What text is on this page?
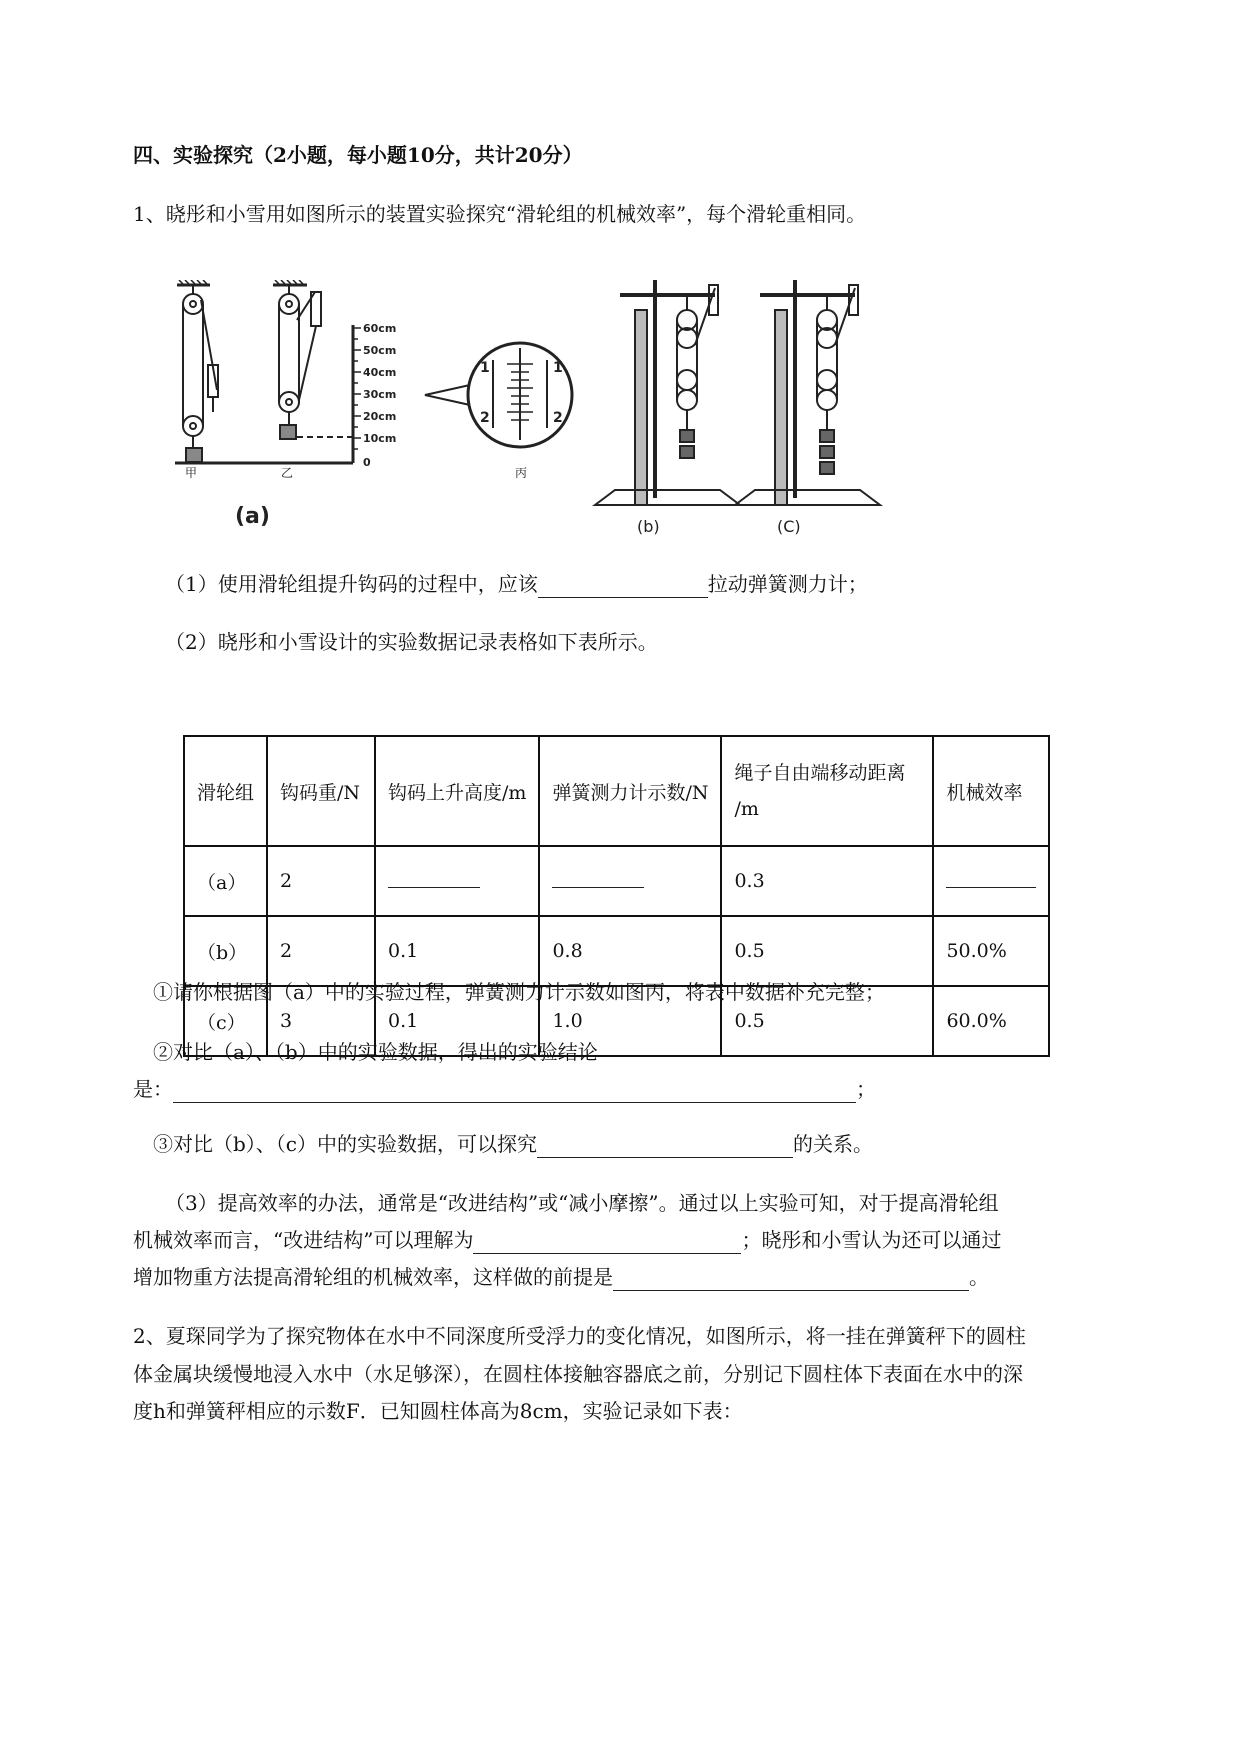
四、实验探究（2小题，每小题10分，共计20分）
1、晓彤和小雪用如图所示的装置实验探究“滑轮组的机械效率”，每个滑轮重相同。
甲	乙	丙
(a)	(b)	(C)
60cm
50cm
40cm
30cm
20cm
10cm
0
1	1
2	2
（1）使用滑轮组提升钩码的过程中，应该	拉动弹簧测力计；
（2）晓彤和小雪设计的实验数据记录表格如下表所示。
滑轮组	钩码重/N	钩码上升高度/m	弹簧测力计示数/N	绳子自由端移动距离
/m	机械效率
（a）	2			0.3	
（b）	2	0.1	0.8	0.5	50.0%
（c）	3	0.1	1.0	0.5	60.0%
①请你根据图（a）中的实验过程，弹簧测力计示数如图丙，将表中数据补充完整；
②对比（a）、（b）中的实验数据，得出的实验结论
是：	；
③对比（b）、（c）中的实验数据，可以探究	的关系。
（3）提高效率的办法，通常是“改进结构”或“减小摩擦”。通过以上实验可知，对于提高滑轮组
机械效率而言，“改进结构”可以理解为	；晓彤和小雪认为还可以通过
增加物重方法提高滑轮组的机械效率，这样做的前提是	。
2、夏琛同学为了探究物体在水中不同深度所受浮力的变化情况，如图所示，将一挂在弹簧秤下的圆柱
体金属块缓慢地浸入水中（水足够深），在圆柱体接触容器底之前，分别记下圆柱体下表面在水中的深
度h和弹簧秤相应的示数F．已知圆柱体高为8cm，实验记录如下表：
